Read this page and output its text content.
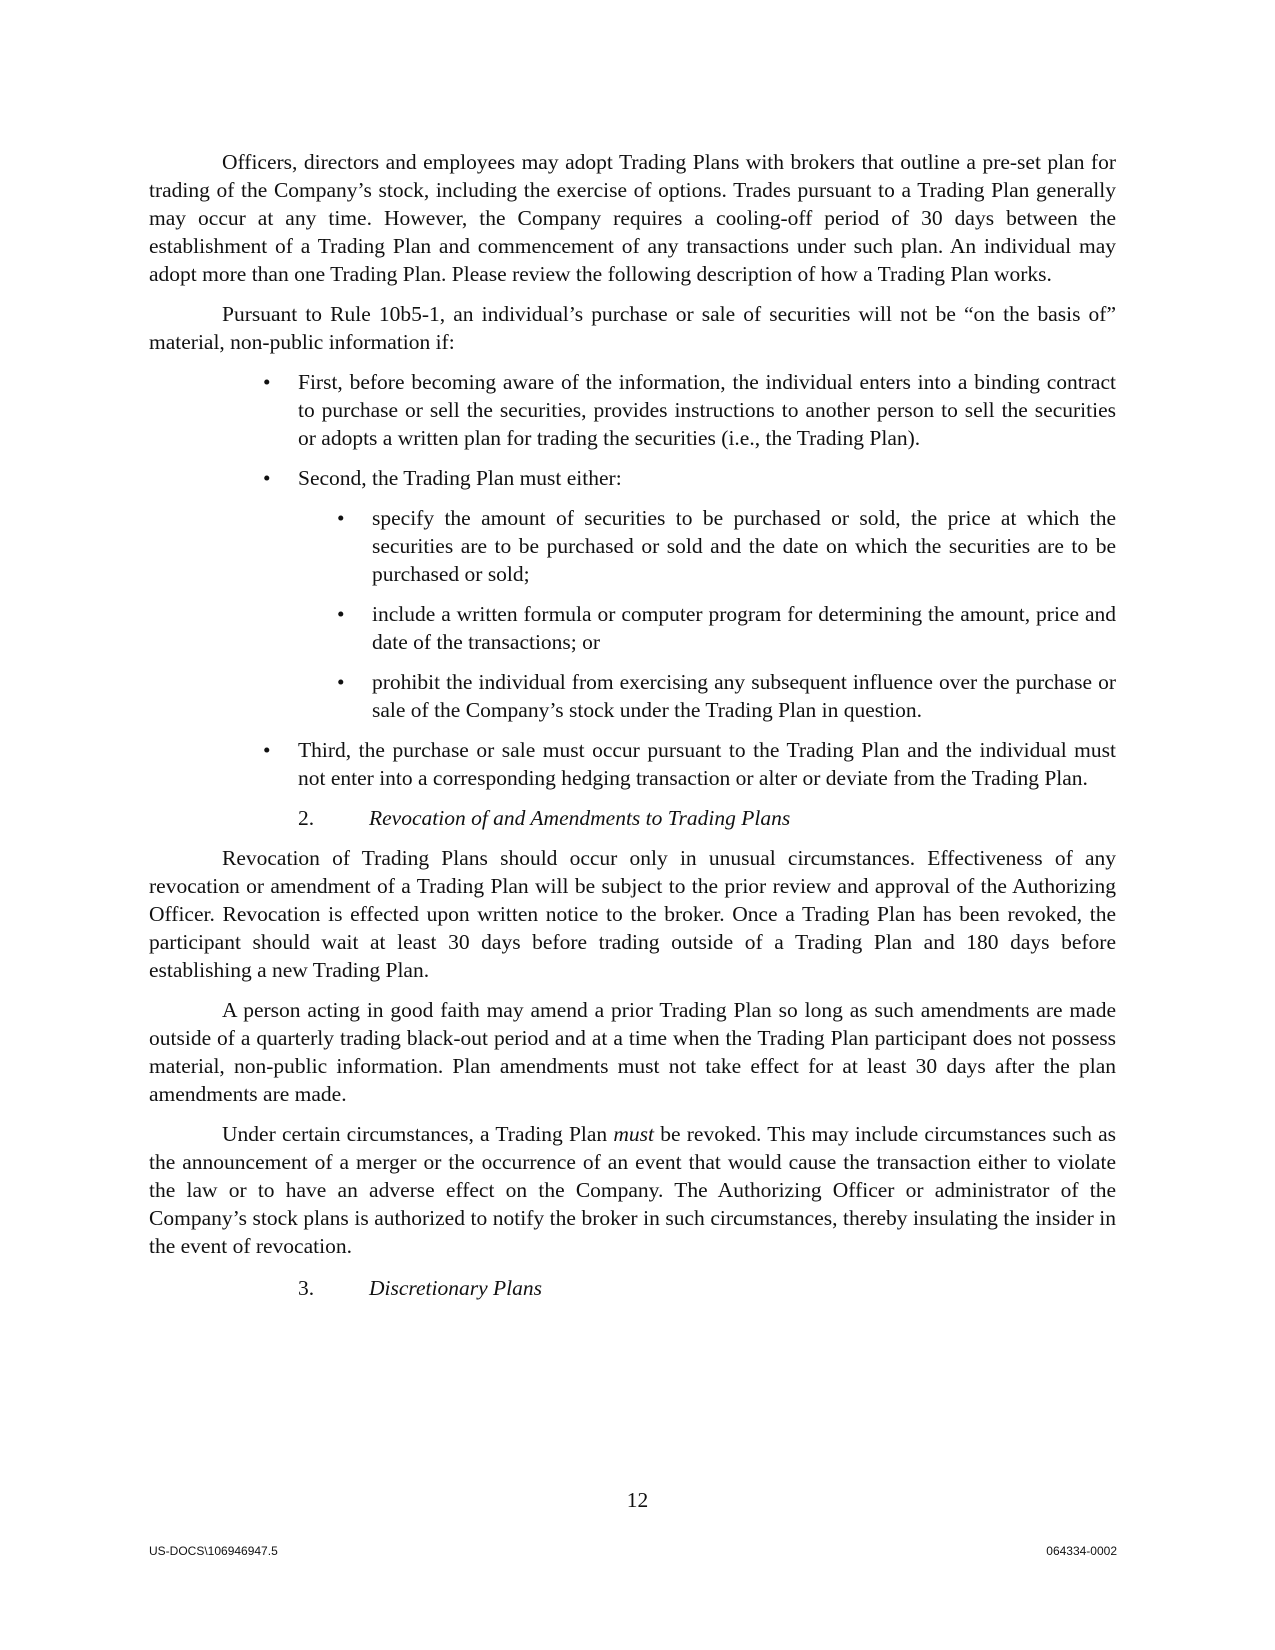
Officers, directors and employees may adopt Trading Plans with brokers that outline a pre-set plan for trading of the Company’s stock, including the exercise of options. Trades pursuant to a Trading Plan generally may occur at any time. However, the Company requires a cooling-off period of 30 days between the establishment of a Trading Plan and commencement of any transactions under such plan. An individual may adopt more than one Trading Plan. Please review the following description of how a Trading Plan works.

Pursuant to Rule 10b5-1, an individual’s purchase or sale of securities will not be “on the basis of” material, non-public information if:

• First, before becoming aware of the information, the individual enters into a binding contract to purchase or sell the securities, provides instructions to another person to sell the securities or adopts a written plan for trading the securities (i.e., the Trading Plan).
• Second, the Trading Plan must either:
• specify the amount of securities to be purchased or sold, the price at which the securities are to be purchased or sold and the date on which the securities are to be purchased or sold;
• include a written formula or computer program for determining the amount, price and date of the transactions; or
• prohibit the individual from exercising any subsequent influence over the purchase or sale of the Company’s stock under the Trading Plan in question.
• Third, the purchase or sale must occur pursuant to the Trading Plan and the individual must not enter into a corresponding hedging transaction or alter or deviate from the Trading Plan.
2.	Revocation of and Amendments to Trading Plans

Revocation of Trading Plans should occur only in unusual circumstances. Effectiveness of any revocation or amendment of a Trading Plan will be subject to the prior review and approval of the Authorizing Officer. Revocation is effected upon written notice to the broker. Once a Trading Plan has been revoked, the participant should wait at least 30 days before trading outside of a Trading Plan and 180 days before establishing a new Trading Plan.

A person acting in good faith may amend a prior Trading Plan so long as such amendments are made outside of a quarterly trading black-out period and at a time when the Trading Plan participant does not possess material, non-public information. Plan amendments must not take effect for at least 30 days after the plan amendments are made.

Under certain circumstances, a Trading Plan must be revoked. This may include circumstances such as the announcement of a merger or the occurrence of an event that would cause the transaction either to violate the law or to have an adverse effect on the Company. The Authorizing Officer or administrator of the Company’s stock plans is authorized to notify the broker in such circumstances, thereby insulating the insider in the event of revocation.

3.	Discretionary Plans
12
US-DOCS\106946947.5	064334-0002
